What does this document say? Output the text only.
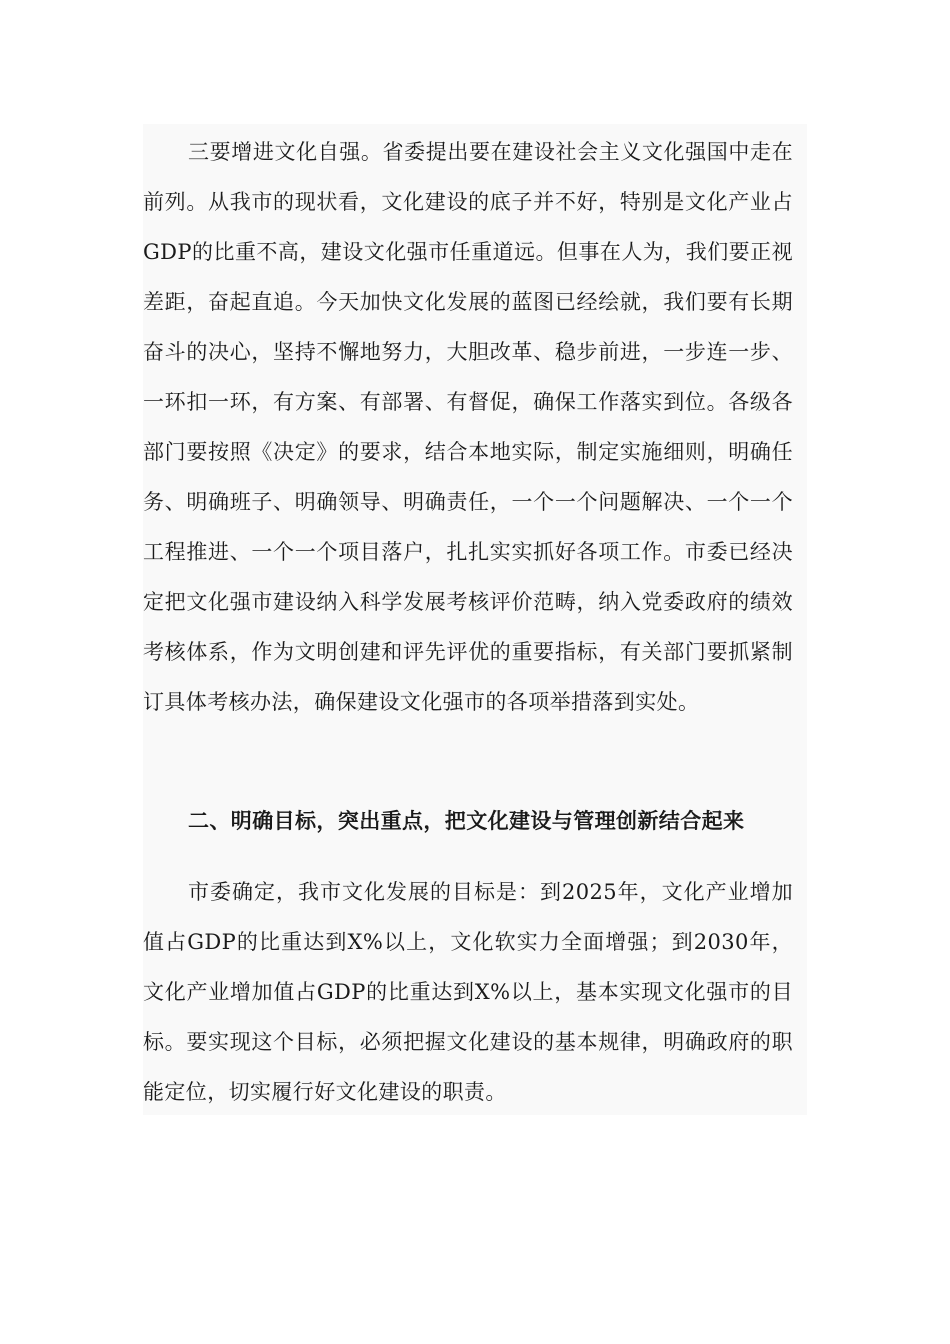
三要增进文化自强。省委提出要在建设社会主义文化强国中走在前列。从我市的现状看，文化建设的底子并不好，特别是文化产业占GDP的比重不高，建设文化强市任重道远。但事在人为，我们要正视差距，奋起直追。今天加快文化发展的蓝图已经绘就，我们要有长期奋斗的决心，坚持不懈地努力，大胆改革、稳步前进，一步连一步、一环扣一环，有方案、有部署、有督促，确保工作落实到位。各级各部门要按照《决定》的要求，结合本地实际，制定实施细则，明确任务、明确班子、明确领导、明确责任，一个一个问题解决、一个一个工程推进、一个一个项目落户，扎扎实实抓好各项工作。市委已经决定把文化强市建设纳入科学发展考核评价范畴，纳入党委政府的绩效考核体系，作为文明创建和评先评优的重要指标，有关部门要抓紧制订具体考核办法，确保建设文化强市的各项举措落到实处。

二、明确目标，突出重点，把文化建设与管理创新结合起来

市委确定，我市文化发展的目标是：到2025年，文化产业增加值占GDP的比重达到X%以上，文化软实力全面增强；到2030年，文化产业增加值占GDP的比重达到X%以上，基本实现文化强市的目标。要实现这个目标，必须把握文化建设的基本规律，明确政府的职能定位，切实履行好文化建设的职责。
